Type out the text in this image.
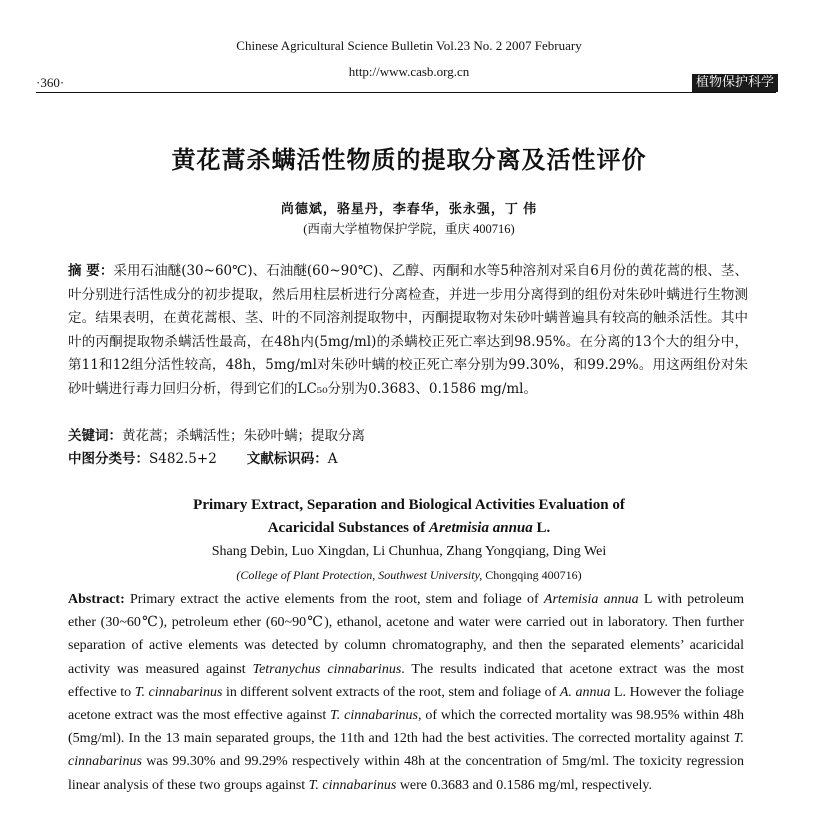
Chinese Agricultural Science Bulletin Vol.23 No. 2 2007 February
http://www.casb.org.cn
·360·	植物保护科学
黄花蒿杀螨活性物质的提取分离及活性评价
尚德斌，骆星丹，李春华，张永强，丁 伟
(西南大学植物保护学院，重庆 400716)
摘 要：采用石油醚(30~60℃)、石油醚(60~90℃)、乙醇、丙酮和水等5种溶剂对采自6月份的黄花蒿的根、茎、叶分别进行活性成分的初步提取，然后用柱层析进行分离检查，并进一步用分离得到的组份对朱砂叶螨进行生物测定。结果表明，在黄花蒿根、茎、叶的不同溶剂提取物中，丙酮提取物对朱砂叶螨普遍具有较高的触杀活性。其中叶的丙酮提取物杀螨活性最高，在48h内(5mg/ml)的杀螨校正死亡率达到98.95%。在分离的13个大的组分中，第11和12组分活性较高，48h，5mg/ml对朱砂叶螨的校正死亡率分别为99.30%，和99.29%。用这两组份对朱砂叶螨进行毒力回归分析，得到它们的LC₅₀分别为0.3683、0.1586 mg/ml。
关键词：黄花蒿；杀螨活性；朱砂叶螨；提取分离
中图分类号：S482.5+2 文献标识码：A
Primary Extract, Separation and Biological Activities Evaluation of
Acaricidal Substances of Aretmisia annua L.
Shang Debin, Luo Xingdan, Li Chunhua, Zhang Yongqiang, Ding Wei
(College of Plant Protection, Southwest University, Chongqing 400716)
Abstract: Primary extract the active elements from the root, stem and foliage of Artemisia annua L with petroleum ether (30~60℃), petroleum ether (60~90℃), ethanol, acetone and water were carried out in laboratory. Then further separation of active elements was detected by column chromatography, and then the separated elements’ acaricidal activity was measured against Tetranychus cinnabarinus. The results indicated that acetone extract was the most effective to T. cinnabarinus in different solvent extracts of the root, stem and foliage of A. annua L. However the foliage acetone extract was the most effective against T. cinnabarinus, of which the corrected mortality was 98.95% within 48h (5mg/ml). In the 13 main separated groups, the 11th and 12th had the best activities. The corrected mortality against T. cinnabarinus was 99.30% and 99.29% respectively within 48h at the concentration of 5mg/ml. The toxicity regression linear analysis of these two groups against T. cinnabarinus were 0.3683 and 0.1586 mg/ml, respectively.
